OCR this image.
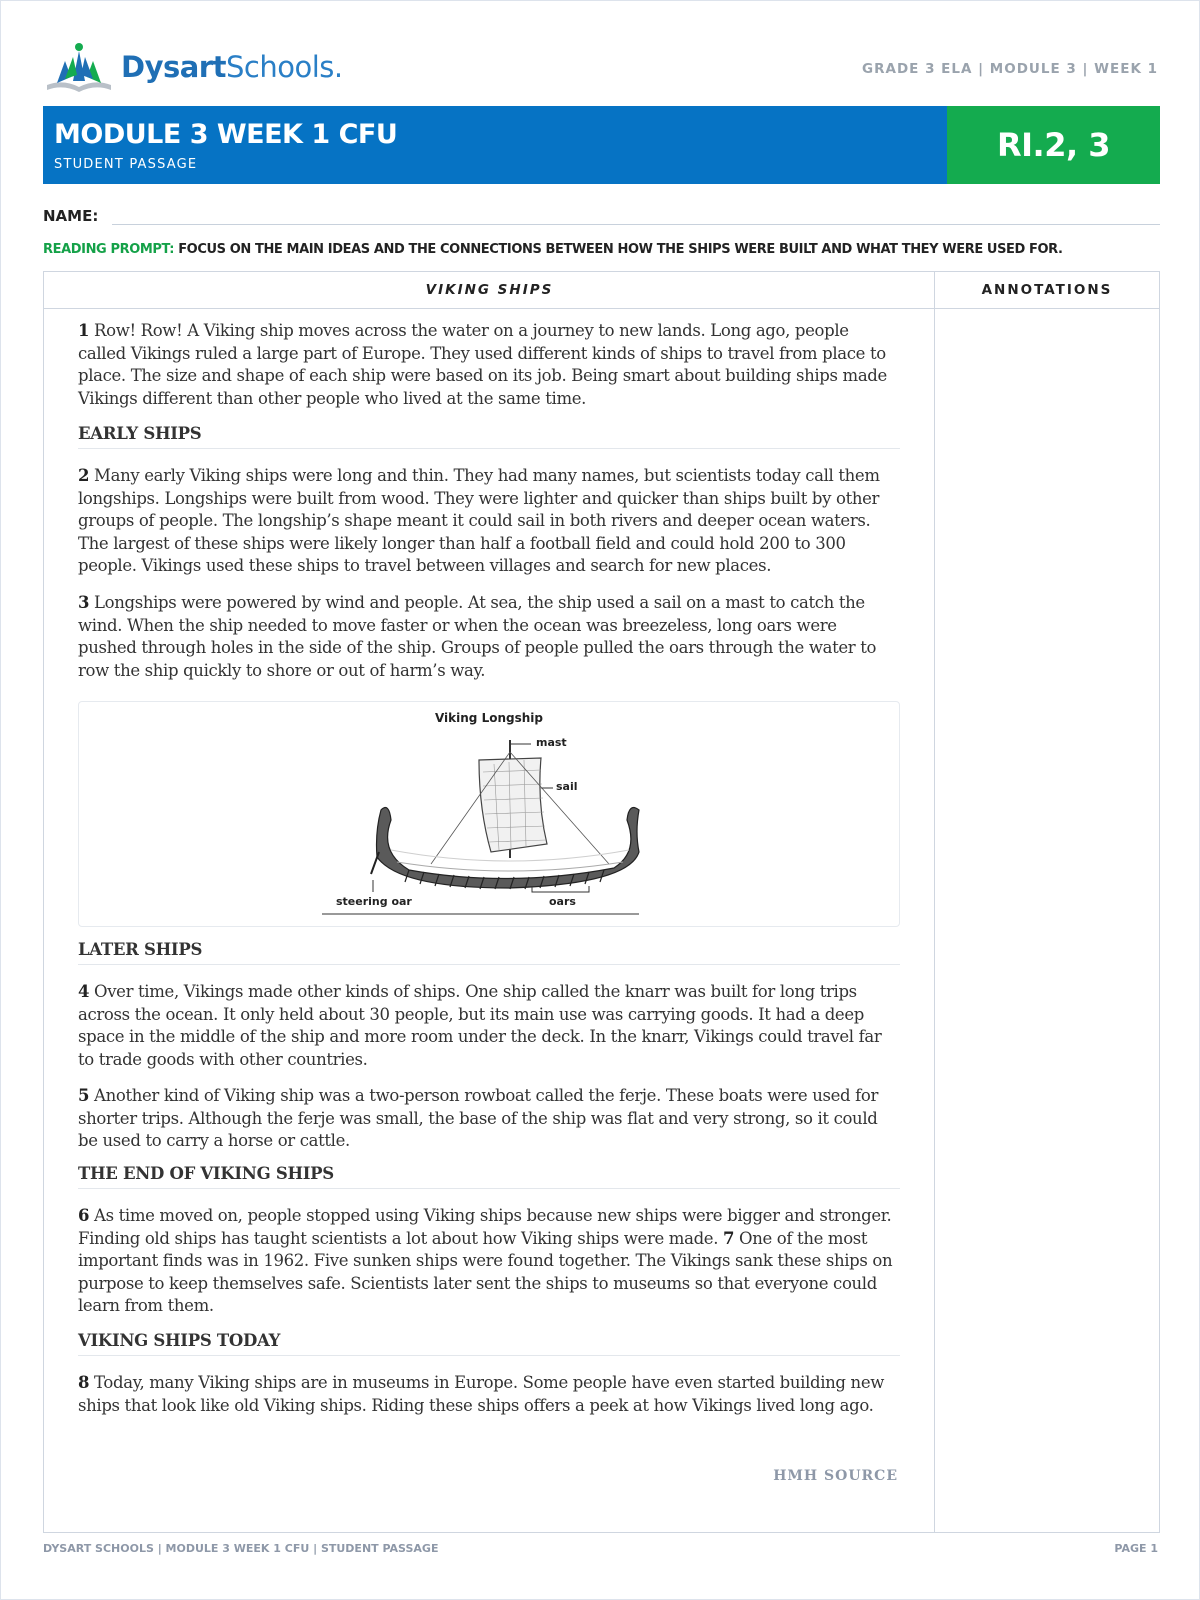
DysartSchools.	GRADE 3 ELA | MODULE 3 | WEEK 1
MODULE 3 WEEK 1 CFU
STUDENT PASSAGE
RI.2, 3
NAME:
READING PROMPT: FOCUS ON THE MAIN IDEAS AND THE CONNECTIONS BETWEEN HOW THE SHIPS WERE BUILT AND WHAT THEY WERE USED FOR.
VIKING SHIPS	ANNOTATIONS
1 Row! Row! A Viking ship moves across the water on a journey to new lands. Long ago, people called Vikings ruled a large part of Europe. They used different kinds of ships to travel from place to place. The size and shape of each ship were based on its job. Being smart about building ships made Vikings different than other people who lived at the same time.
EARLY SHIPS
2 Many early Viking ships were long and thin. They had many names, but scientists today call them longships. Longships were built from wood. They were lighter and quicker than ships built by other groups of people. The longship’s shape meant it could sail in both rivers and deeper ocean waters. The largest of these ships were likely longer than half a football field and could hold 200 to 300 people. Vikings used these ships to travel between villages and search for new places.
3 Longships were powered by wind and people. At sea, the ship used a sail on a mast to catch the wind. When the ship needed to move faster or when the ocean was breezeless, long oars were pushed through holes in the side of the ship. Groups of people pulled the oars through the water to row the ship quickly to shore or out of harm’s way.
Viking Longship
mast
sail
steering oar	oars
LATER SHIPS
4 Over time, Vikings made other kinds of ships. One ship called the knarr was built for long trips across the ocean. It only held about 30 people, but its main use was carrying goods. It had a deep space in the middle of the ship and more room under the deck. In the knarr, Vikings could travel far to trade goods with other countries.
5 Another kind of Viking ship was a two-person rowboat called the ferje. These boats were used for shorter trips. Although the ferje was small, the base of the ship was flat and very strong, so it could be used to carry a horse or cattle.
THE END OF VIKING SHIPS
6 As time moved on, people stopped using Viking ships because new ships were bigger and stronger. Finding old ships has taught scientists a lot about how Viking ships were made. 7 One of the most important finds was in 1962. Five sunken ships were found together. The Vikings sank these ships on purpose to keep themselves safe. Scientists later sent the ships to museums so that everyone could learn from them.
VIKING SHIPS TODAY
8 Today, many Viking ships are in museums in Europe. Some people have even started building new ships that look like old Viking ships. Riding these ships offers a peek at how Vikings lived long ago.
HMH SOURCE
DYSART SCHOOLS | MODULE 3 WEEK 1 CFU | STUDENT PASSAGE	PAGE 1
